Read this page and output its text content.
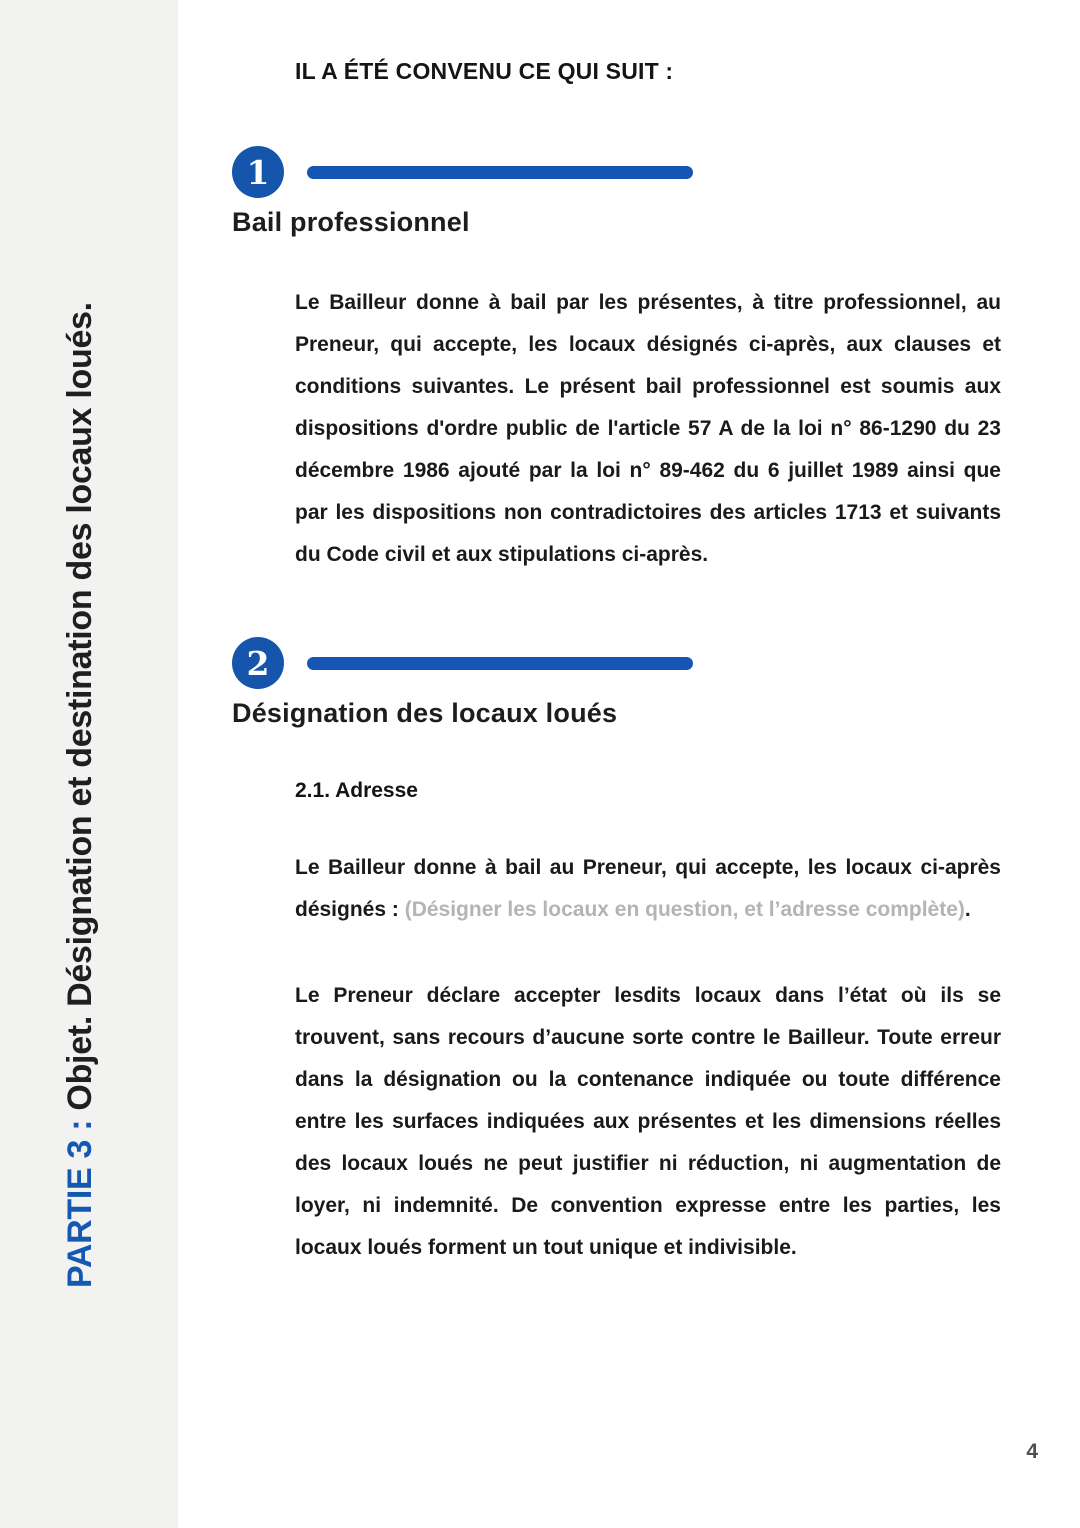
PARTIE 3 : Objet. Désignation et destination des locaux loués.
IL A ÉTÉ CONVENU CE QUI SUIT :
1
Bail professionnel

Le Bailleur donne à bail par les présentes, à titre professionnel, au Preneur, qui accepte, les locaux désignés ci-après, aux clauses et conditions suivantes. Le présent bail professionnel est soumis aux dispositions d'ordre public de l'article 57 A de la loi n° 86-1290 du 23 décembre 1986 ajouté par la loi n° 89-462 du 6 juillet 1989 ainsi que par les dispositions non contradictoires des articles 1713 et suivants du Code civil et aux stipulations ci-après.

2
Désignation des locaux loués
2.1. Adresse

Le Bailleur donne à bail au Preneur, qui accepte, les locaux ci-après désignés : (Désigner les locaux en question, et l’adresse complète).

Le Preneur déclare accepter lesdits locaux dans l’état où ils se trouvent, sans recours d’aucune sorte contre le Bailleur. Toute erreur dans la désignation ou la contenance indiquée ou toute différence entre les surfaces indiquées aux présentes et les dimensions réelles des locaux loués ne peut justifier ni réduction, ni augmentation de loyer, ni indemnité. De convention expresse entre les parties, les locaux loués forment un tout unique et indivisible.

4
